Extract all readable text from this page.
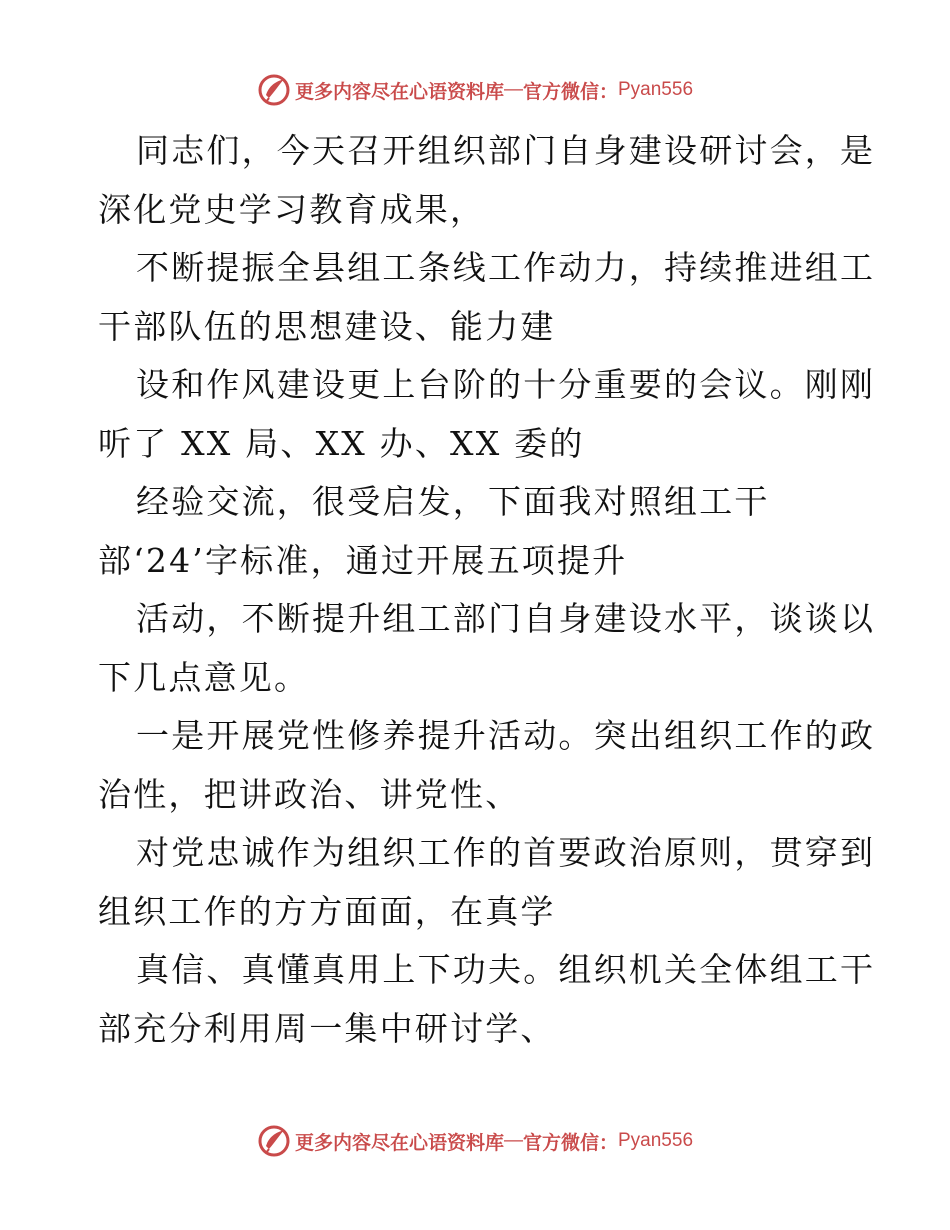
更多内容尽在心语资料库 — 官方微信： Pyan556
同志们，今天召开组织部门自身建设研讨会，是
深化党史学习教育成果，
不断提振全县组工条线工作动力，持续推进组工
干部队伍的思想建设、能力建
设和作风建设更上台阶的十分重要的会议。刚刚
听了 XX 局、XX 办、XX 委的
经验交流，很受启发，下面我对照组工干
部‘24’字标准，通过开展五项提升
活动，不断提升组工部门自身建设水平，谈谈以
下几点意见。
一是开展党性修养提升活动。突出组织工作的政
治性，把讲政治、讲党性、
对党忠诚作为组织工作的首要政治原则，贯穿到
组织工作的方方面面，在真学
真信、真懂真用上下功夫。组织机关全体组工干
部充分利用周一集中研讨学、
更多内容尽在心语资料库 — 官方微信： Pyan556
